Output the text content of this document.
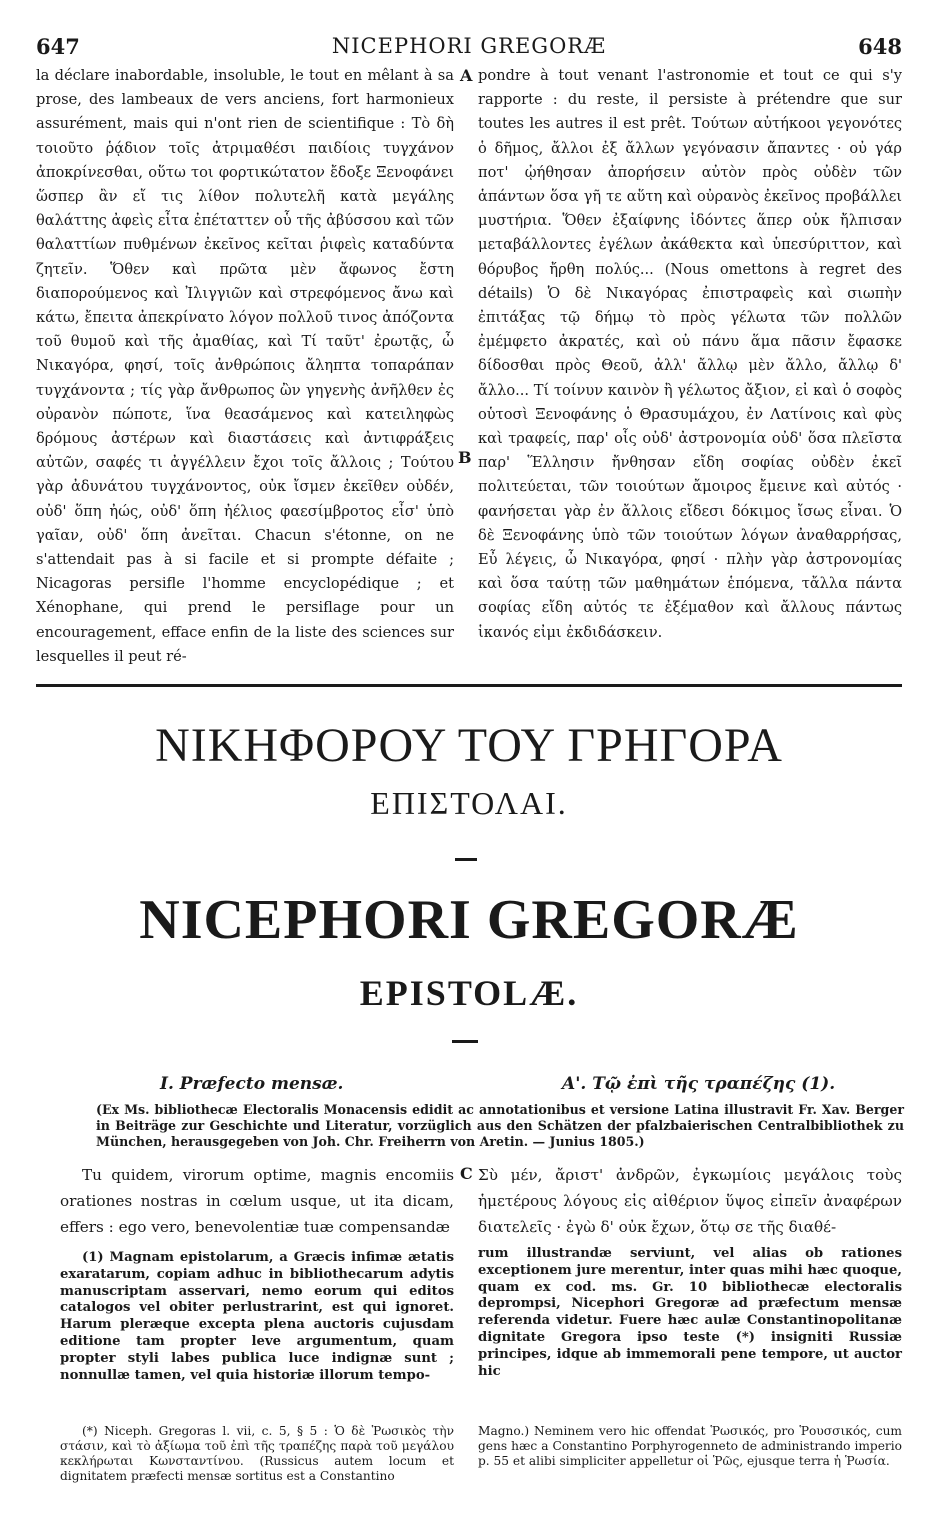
647	NICEPHORI GREGORÆ	648

la déclare inabordable, insoluble, le tout en mêlant à sa prose, des lambeaux de vers anciens, fort harmonieux assurément, mais qui n'ont rien de scientifique : Τὸ δὴ τοιοῦτο ῥᾴδιον τοῖς ἀτριμαθέσι παιδίοις τυγχάνον ἀποκρίνεσθαι, οὕτω τοι φορτικώτατον ἔδοξε Ξενοφάνει ὥσπερ ἂν εἴ τις λίθον πολυτελῆ κατὰ μεγάλης θαλάττης ἀφεὶς εἶτα ἐπέταττεν οὗ τῆς ἀβύσσου καὶ τῶν θαλαττίων πυθμένων ἐκεῖνος κεῖται ῥιφεὶς καταδύντα ζητεῖν. Ὅθεν καὶ πρῶτα μὲν ἄφωνος ἔστη διαπορούμενος καὶ Ἰλιγγιῶν καὶ στρεφόμενος ἄνω καὶ κάτω, ἔπειτα ἀπεκρίνατο λόγον πολλοῦ τινος ἀπόζοντα τοῦ θυμοῦ καὶ τῆς ἀμαθίας, καὶ Τί ταῦτ' ἐρωτᾷς, ὦ Νικαγόρα, φησί, τοῖς ἀνθρώποις ἄληπτα τοπαράπαν τυγχάνοντα ; τίς γὰρ ἄνθρωπος ὢν γηγενὴς ἀνῆλθεν ἐς οὐρανὸν πώποτε, ἵνα θεασάμενος καὶ κατειληφὼς δρόμους ἀστέρων καὶ διαστάσεις καὶ ἀντιφράξεις αὐτῶν, σαφές τι ἀγγέλλειν ἔχοι τοῖς ἄλλοις ; Τούτου γὰρ ἀδυνάτου τυγχάνοντος, οὐκ ἴσμεν ἐκεῖθεν οὐδέν, οὐδ' ὅπη ἠώς, οὐδ' ὅπη ἠέλιος φαεσίμβροτος εἶσ' ὑπὸ γαῖαν, οὐδ' ὅπη ἀνεῖται. Chacun s'étonne, on ne s'attendait pas à si facile et si prompte défaite ; Nicagoras persifle l'homme encyclopédique ; et Xénophane, qui prend le persiflage pour un encouragement, efface enfin de la liste des sciences sur lesquelles il peut ré-

A
B

pondre à tout venant l'astronomie et tout ce qui s'y rapporte : du reste, il persiste à prétendre que sur toutes les autres il est prêt. Τούτων αὐτήκοοι γεγονότες ὁ δῆμος, ἄλλοι ἐξ ἄλλων γεγόνασιν ἄπαντες · οὐ γάρ ποτ' ᾠήθησαν ἀπορήσειν αὐτὸν πρὸς οὐδὲν τῶν ἁπάντων ὅσα γῆ τε αὕτη καὶ οὐρανὸς ἐκεῖνος προβάλλει μυστήρια. Ὅθεν ἐξαίφνης ἰδόντες ἅπερ οὐκ ἤλπισαν μεταβάλλοντες ἐγέλων ἀκάθεκτα καὶ ὑπεσύριττον, καὶ θόρυβος ἤρθη πολύς... (Nous omettons à regret des détails) Ὁ δὲ Νικαγόρας ἐπιστραφεὶς καὶ σιωπὴν ἐπιτάξας τῷ δήμῳ τὸ πρὸς γέλωτα τῶν πολλῶν ἐμέμφετο ἀκρατές, καὶ οὐ πάνυ ἅμα πᾶσιν ἔφασκε δίδοσθαι πρὸς Θεοῦ, ἀλλ' ἄλλῳ μὲν ἄλλο, ἄλλῳ δ' ἄλλο... Τί τοίνυν καινὸν ἢ γέλωτος ἄξιον, εἰ καὶ ὁ σοφὸς οὑτοσὶ Ξενοφάνης ὁ Θρασυμάχου, ἐν Λατίνοις καὶ φὺς καὶ τραφείς, παρ' οἷς οὐδ' ἀστρονομία οὐδ' ὅσα πλεῖστα παρ' Ἕλλησιν ἤνθησαν εἴδη σοφίας οὐδὲν ἐκεῖ πολιτεύεται, τῶν τοιούτων ἄμοιρος ἔμεινε καὶ αὐτός · φανήσεται γὰρ ἐν ἄλλοις εἴδεσι δόκιμος ἴσως εἶναι. Ὁ δὲ Ξενοφάνης ὑπὸ τῶν τοιούτων λόγων ἀναθαρρήσας, Εὖ λέγεις, ὦ Νικαγόρα, φησί · πλὴν γὰρ ἀστρονομίας καὶ ὅσα ταύτῃ τῶν μαθημάτων ἑπόμενα, τἄλλα πάντα σοφίας εἴδη αὐτός τε ἐξέμαθον καὶ ἄλλους πάντως ἱκανός εἰμι ἐκδιδάσκειν.

ΝΙΚΗΦΟΡΟΥ ΤΟΥ ΓΡΗΓΟΡΑ
ΕΠΙΣΤΟΛΑΙ.
NICEPHORI GREGORÆ
EPISTOLÆ.
I. Præfecto mensæ.	Α'. Τῷ ἐπὶ τῆς τραπέζης (1).
(Ex Ms. bibliothecæ Electoralis Monacensis edidit ac annotationibus et versione Latina illustravit Fr. Xav. Berger in Beiträge zur Geschichte und Literatur, vorzüglich aus den Schätzen der pfalzbaierischen Centralbibliothek zu München, herausgegeben von Joh. Chr. Freiherrn von Aretin. — Junius 1805.)

Tu quidem, virorum optime, magnis encomiis orationes nostras in cœlum usque, ut ita dicam, effers : ego vero, benevolentiæ tuæ compensandæ

C Σὺ μέν, ἄριστ' ἀνδρῶν, ἐγκωμίοις μεγάλοις τοὺς ἡμετέρους λόγους εἰς αἰθέριον ὕψος εἰπεῖν ἀναφέρων διατελεῖς · ἐγὼ δ' οὐκ ἔχων, ὅτῳ σε τῆς διαθέ-

(1) Magnam epistolarum, a Græcis infimæ ætatis exaratarum, copiam adhuc in bibliothecarum adytis manuscriptam asservari, nemo eorum qui editos catalogos vel obiter perlustrarint, est qui ignoret. Harum pleræque excepta plena auctoris cujusdam editione tam propter leve argumentum, quam propter styli labes publica luce indignæ sunt ; nonnullæ tamen, vel quia historiæ illorum tempo-

rum illustrandæ serviunt, vel alias ob rationes exceptionem jure merentur, inter quas mihi hæc quoque, quam ex cod. ms. Gr. 10 bibliothecæ electoralis deprompsi, Nicephori Gregoræ ad præfectum mensæ referenda videtur. Fuere hæc aulæ Constantinopolitanæ dignitate Gregora ipso teste (*) insigniti Russiæ principes, idque ab immemorali pene tempore, ut auctor hic

(*) Niceph. Gregoras l. vii, c. 5, § 5 : Ὁ δὲ Ῥωσικὸς τὴν στάσιν, καὶ τὸ ἀξίωμα τοῦ ἐπὶ τῆς τραπέζης παρὰ τοῦ μεγάλου κεκλήρωται Κωνσταντίνου. (Russicus autem locum et dignitatem præfecti mensæ sortitus est a Constantino

Magno.) Neminem vero hic offendat Ῥωσικός, pro Ῥουσσικός, cum gens hæc a Constantino Porphyrogenneto de administrando imperio p. 55 et alibi simpliciter appelletur οἱ Ῥῶς, ejusque terra ἡ Ῥωσία.
